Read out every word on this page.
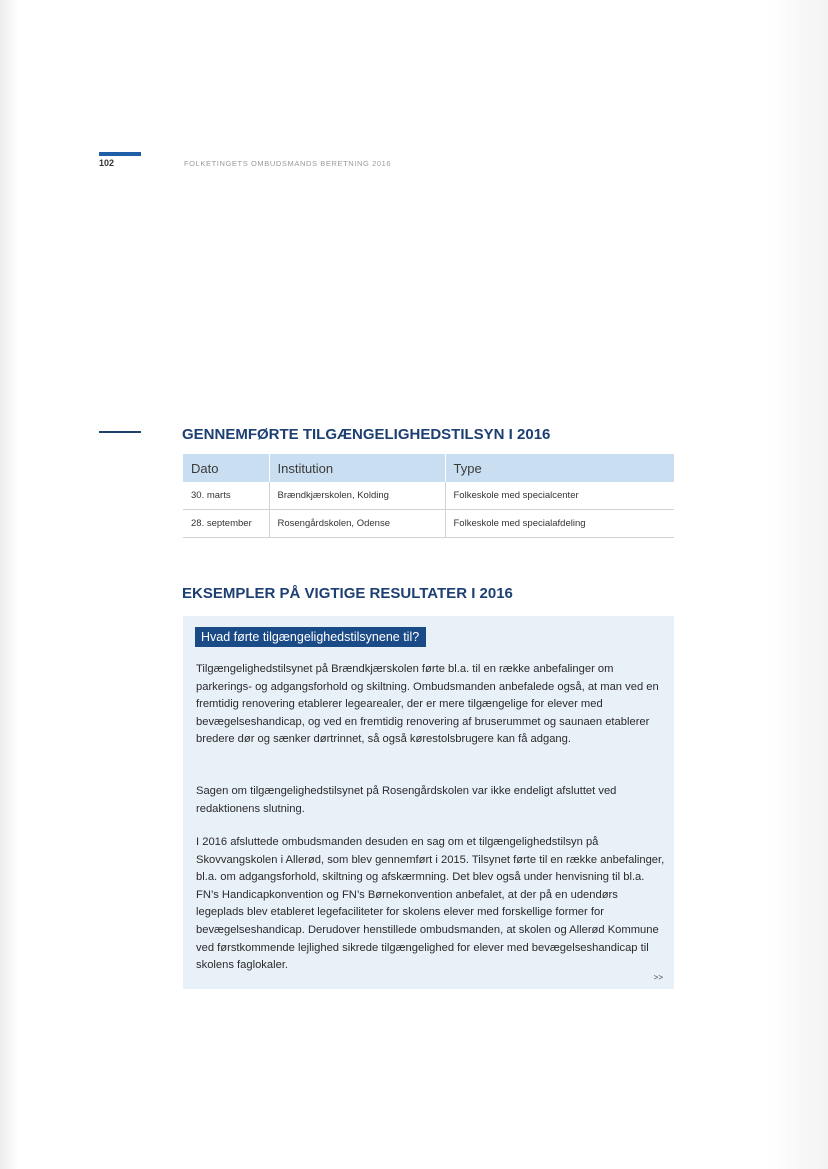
102	FOLKETINGETS OMBUDSMANDS BERETNING 2016
GENNEMFØRTE TILGÆNGELIGHEDSTILSYN I 2016
Dato	Institution	Type
30. marts	Brændkjærskolen, Kolding	Folkeskole med specialcenter
28. september	Rosengårdskolen, Odense	Folkeskole med specialafdeling
EKSEMPLER PÅ VIGTIGE RESULTATER I 2016
Hvad førte tilgængelighedstilsynene til?

Tilgængelighedstilsynet på Brændkjærskolen førte bl.a. til en række anbefalinger om parkerings- og adgangsforhold og skiltning. Ombudsmanden anbefalede også, at man ved en fremtidig renovering etablerer legearealer, der er mere tilgængelige for elever med bevægelseshandicap, og ved en fremtidig renovering af bruserummet og saunaen etablerer bredere dør og sænker dørtrinnet, så også kørestolsbrugere kan få adgang.

Sagen om tilgængelighedstilsynet på Rosengårdskolen var ikke endeligt afsluttet ved redaktionens slutning.

I 2016 afsluttede ombudsmanden desuden en sag om et tilgængelighedstilsyn på Skovvangskolen i Allerød, som blev gennemført i 2015. Tilsynet førte til en række anbefalinger, bl.a. om adgangsforhold, skiltning og afskærmning. Det blev også under henvisning til bl.a. FN’s Handicapkonvention og FN’s Børnekonvention anbefalet, at der på en udendørs legeplads blev etableret legefaciliteter for skolens elever med forskellige former for bevægelseshandicap. Derudover henstillede ombudsmanden, at skolen og Allerød Kommune ved førstkommende lejlighed sikrede tilgængelighed for elever med bevægelseshandicap til skolens faglokaler.

>>
